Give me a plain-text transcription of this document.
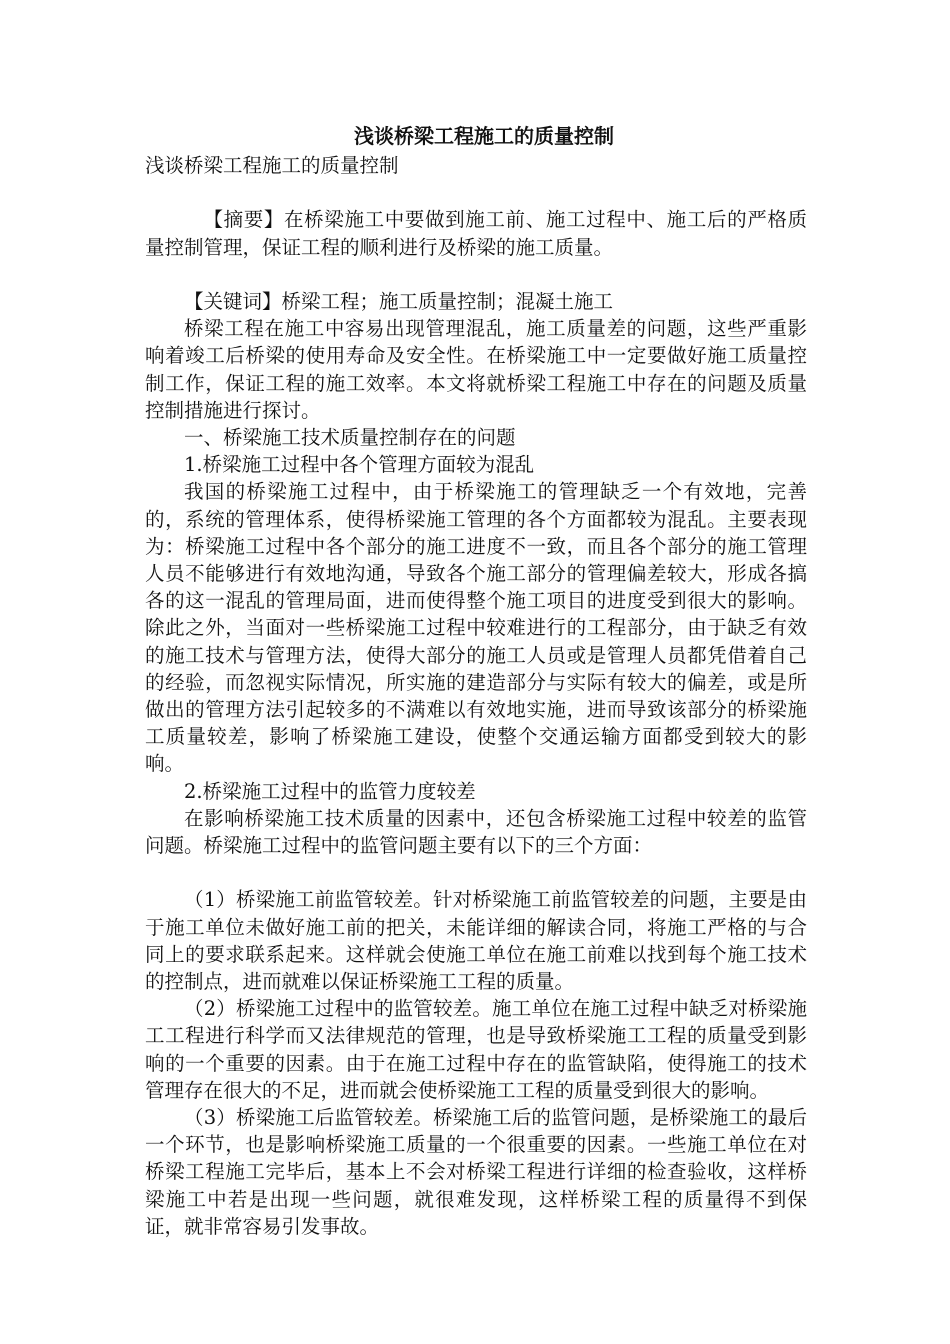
浅谈桥梁工程施工的质量控制

浅谈桥梁工程施工的质量控制

【摘要】在桥梁施工中要做到施工前、施工过程中、施工后的严格质量控制管理，保证工程的顺利进行及桥梁的施工质量。

【关键词】桥梁工程；施工质量控制；混凝土施工

桥梁工程在施工中容易出现管理混乱，施工质量差的问题，这些严重影响着竣工后桥梁的使用寿命及安全性。在桥梁施工中一定要做好施工质量控制工作，保证工程的施工效率。本文将就桥梁工程施工中存在的问题及质量控制措施进行探讨。

一、桥梁施工技术质量控制存在的问题

1.桥梁施工过程中各个管理方面较为混乱

我国的桥梁施工过程中，由于桥梁施工的管理缺乏一个有效地，完善的，系统的管理体系，使得桥梁施工管理的各个方面都较为混乱。主要表现为：桥梁施工过程中各个部分的施工进度不一致，而且各个部分的施工管理人员不能够进行有效地沟通，导致各个施工部分的管理偏差较大，形成各搞各的这一混乱的管理局面，进而使得整个施工项目的进度受到很大的影响。除此之外，当面对一些桥梁施工过程中较难进行的工程部分，由于缺乏有效的施工技术与管理方法，使得大部分的施工人员或是管理人员都凭借着自己的经验，而忽视实际情况，所实施的建造部分与实际有较大的偏差，或是所做出的管理方法引起较多的不满难以有效地实施，进而导致该部分的桥梁施工质量较差，影响了桥梁施工建设，使整个交通运输方面都受到较大的影响。

2.桥梁施工过程中的监管力度较差

在影响桥梁施工技术质量的因素中，还包含桥梁施工过程中较差的监管问题。桥梁施工过程中的监管问题主要有以下的三个方面：

（1）桥梁施工前监管较差。针对桥梁施工前监管较差的问题，主要是由于施工单位未做好施工前的把关，未能详细的解读合同，将施工严格的与合同上的要求联系起来。这样就会使施工单位在施工前难以找到每个施工技术的控制点，进而就难以保证桥梁施工工程的质量。

（2）桥梁施工过程中的监管较差。施工单位在施工过程中缺乏对桥梁施工工程进行科学而又法律规范的管理，也是导致桥梁施工工程的质量受到影响的一个重要的因素。由于在施工过程中存在的监管缺陷，使得施工的技术管理存在很大的不足，进而就会使桥梁施工工程的质量受到很大的影响。

（3）桥梁施工后监管较差。桥梁施工后的监管问题，是桥梁施工的最后一个环节，也是影响桥梁施工质量的一个很重要的因素。一些施工单位在对桥梁工程施工完毕后，基本上不会对桥梁工程进行详细的检查验收，这样桥梁施工中若是出现一些问题，就很难发现，这样桥梁工程的质量得不到保证，就非常容易引发事故。
